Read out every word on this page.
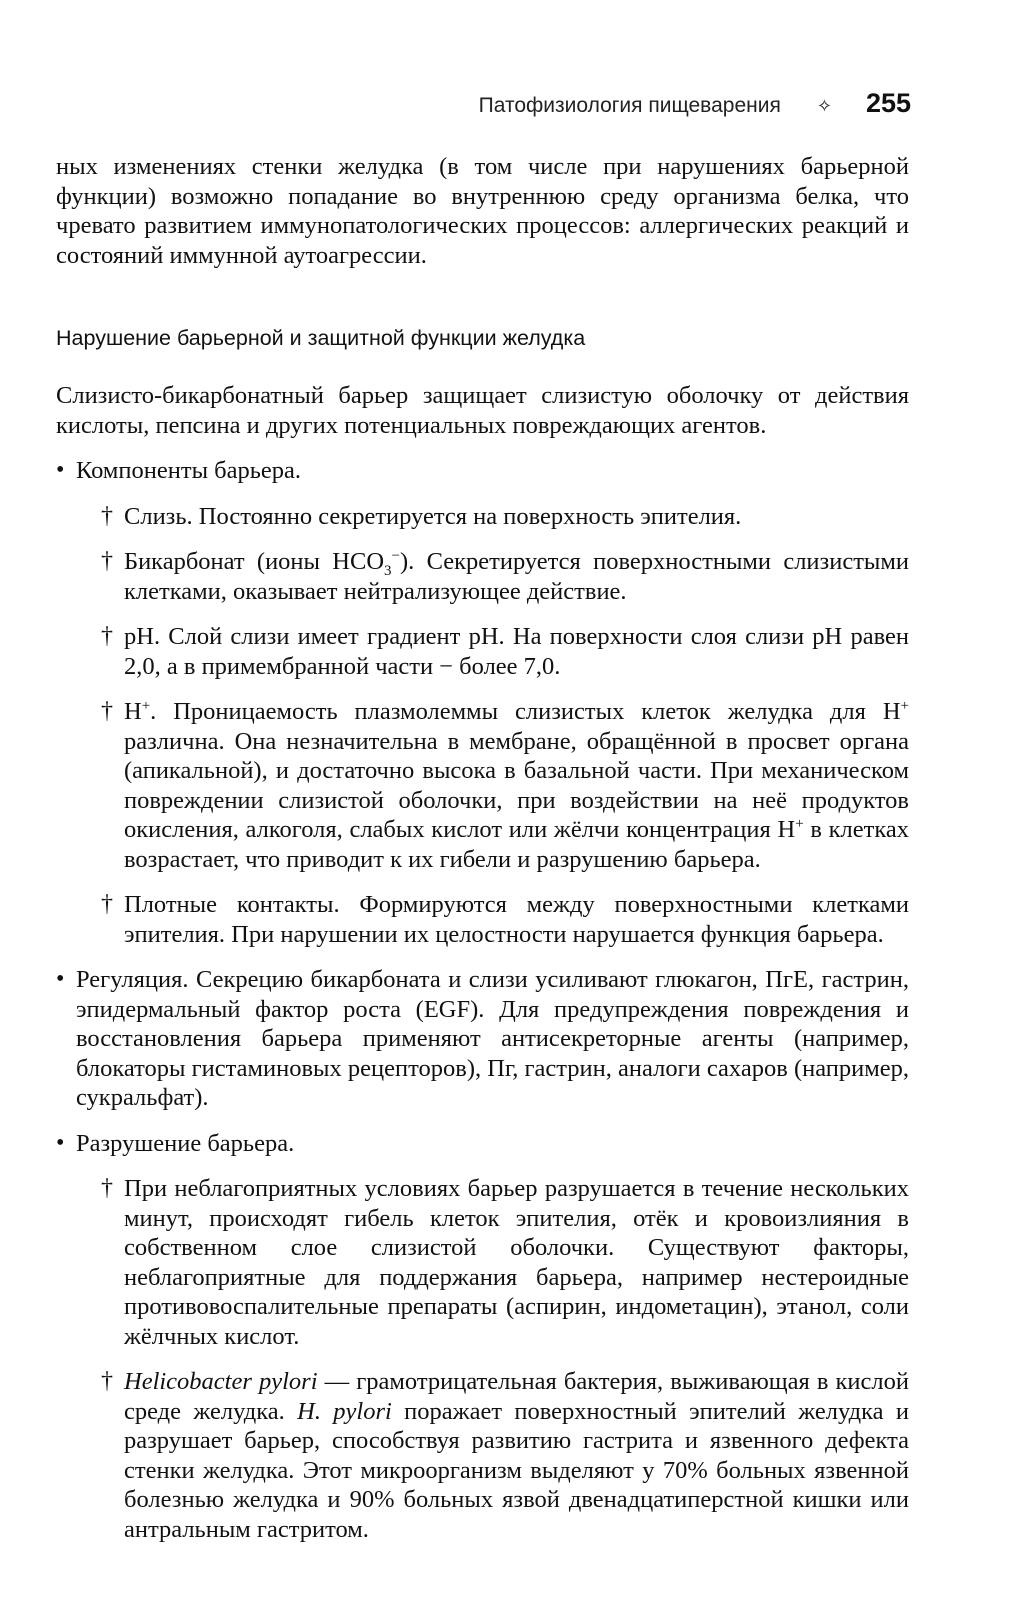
Патофизиология пищеварения ✧ 255

ных изменениях стенки желудка (в том числе при нарушениях барьерной функции) возможно попадание во внутреннюю среду организма белка, что чревато развитием иммунопатологических процессов: аллергических реакций и состояний иммунной аутоагрессии.

Нарушение барьерной и защитной функции желудка

Слизисто-бикарбонатный барьер защищает слизистую оболочку от действия кислоты, пепсина и других потенциальных повреждающих агентов.

• Компоненты барьера.

† Слизь. Постоянно секретируется на поверхность эпителия.

† Бикарбонат (ионы $HCO_3^-$). Секретируется поверхностными слизистыми клетками, оказывает нейтрализующее действие.

† pH. Слой слизи имеет градиент pH. На поверхности слоя слизи pH равен 2,0, а в примембранной части − более 7,0.

† H+. Проницаемость плазмолеммы слизистых клеток желудка для H+ различна. Она незначительна в мембране, обращённой в просвет органа (апикальной), и достаточно высока в базальной части. При механическом повреждении слизистой оболочки, при воздействии на неё продуктов окисления, алкоголя, слабых кислот или жёлчи концентрация H+ в клетках возрастает, что приводит к их гибели и разрушению барьера.

† Плотные контакты. Формируются между поверхностными клетками эпителия. При нарушении их целостности нарушается функция барьера.

• Регуляция. Секрецию бикарбоната и слизи усиливают глюкагон, ПгЕ, гастрин, эпидермальный фактор роста (EGF). Для предупреждения повреждения и восстановления барьера применяют антисекреторные агенты (например, блокаторы гистаминовых рецепторов), Пг, гастрин, аналоги сахаров (например, сукральфат).

• Разрушение барьера.

† При неблагоприятных условиях барьер разрушается в течение нескольких минут, происходят гибель клеток эпителия, отёк и кровоизлияния в собственном слое слизистой оболочки. Существуют факторы, неблагоприятные для поддержания барьера, например нестероидные противовоспалительные препараты (аспирин, индометацин), этанол, соли жёлчных кислот.

† Helicobacter pylori — грамотрицательная бактерия, выживающая в кислой среде желудка. H. pylori поражает поверхностный эпителий желудка и разрушает барьер, способствуя развитию гастрита и язвенного дефекта стенки желудка. Этот микроорганизм выделяют у 70% больных язвенной болезнью желудка и 90% больных язвой двенадцатиперстной кишки или антральным гастритом.
